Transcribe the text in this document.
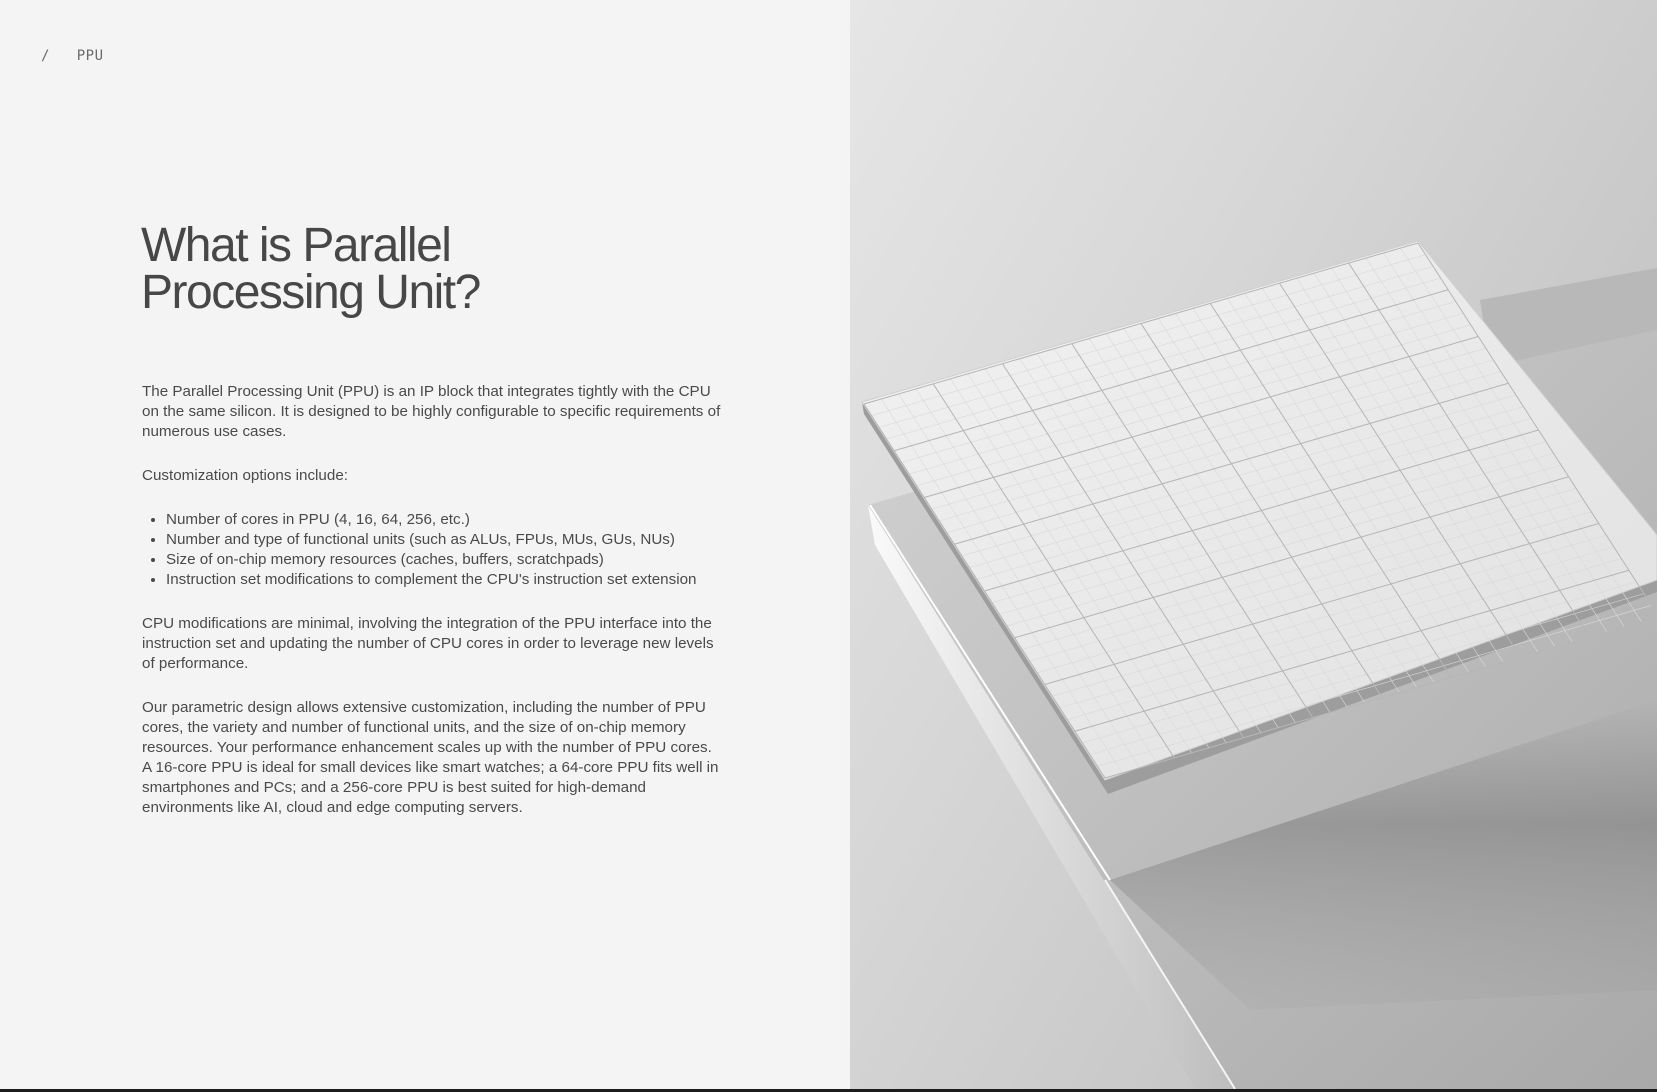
/ PPU
What is Parallel
Processing Unit?

The Parallel Processing Unit (PPU) is an IP block that integrates tightly with the CPU on the same silicon. It is designed to be highly configurable to specific requirements of numerous use cases.

Customization options include:

• Number of cores in PPU (4, 16, 64, 256, etc.)
• Number and type of functional units (such as ALUs, FPUs, MUs, GUs, NUs)
• Size of on-chip memory resources (caches, buffers, scratchpads)
• Instruction set modifications to complement the CPU's instruction set extension

CPU modifications are minimal, involving the integration of the PPU interface into the instruction set and updating the number of CPU cores in order to leverage new levels of performance.

Our parametric design allows extensive customization, including the number of PPU cores, the variety and number of functional units, and the size of on-chip memory resources. Your performance enhancement scales up with the number of PPU cores. A 16-core PPU is ideal for small devices like smart watches; a 64-core PPU fits well in smartphones and PCs; and a 256-core PPU is best suited for high-demand environments like AI, cloud and edge computing servers.
